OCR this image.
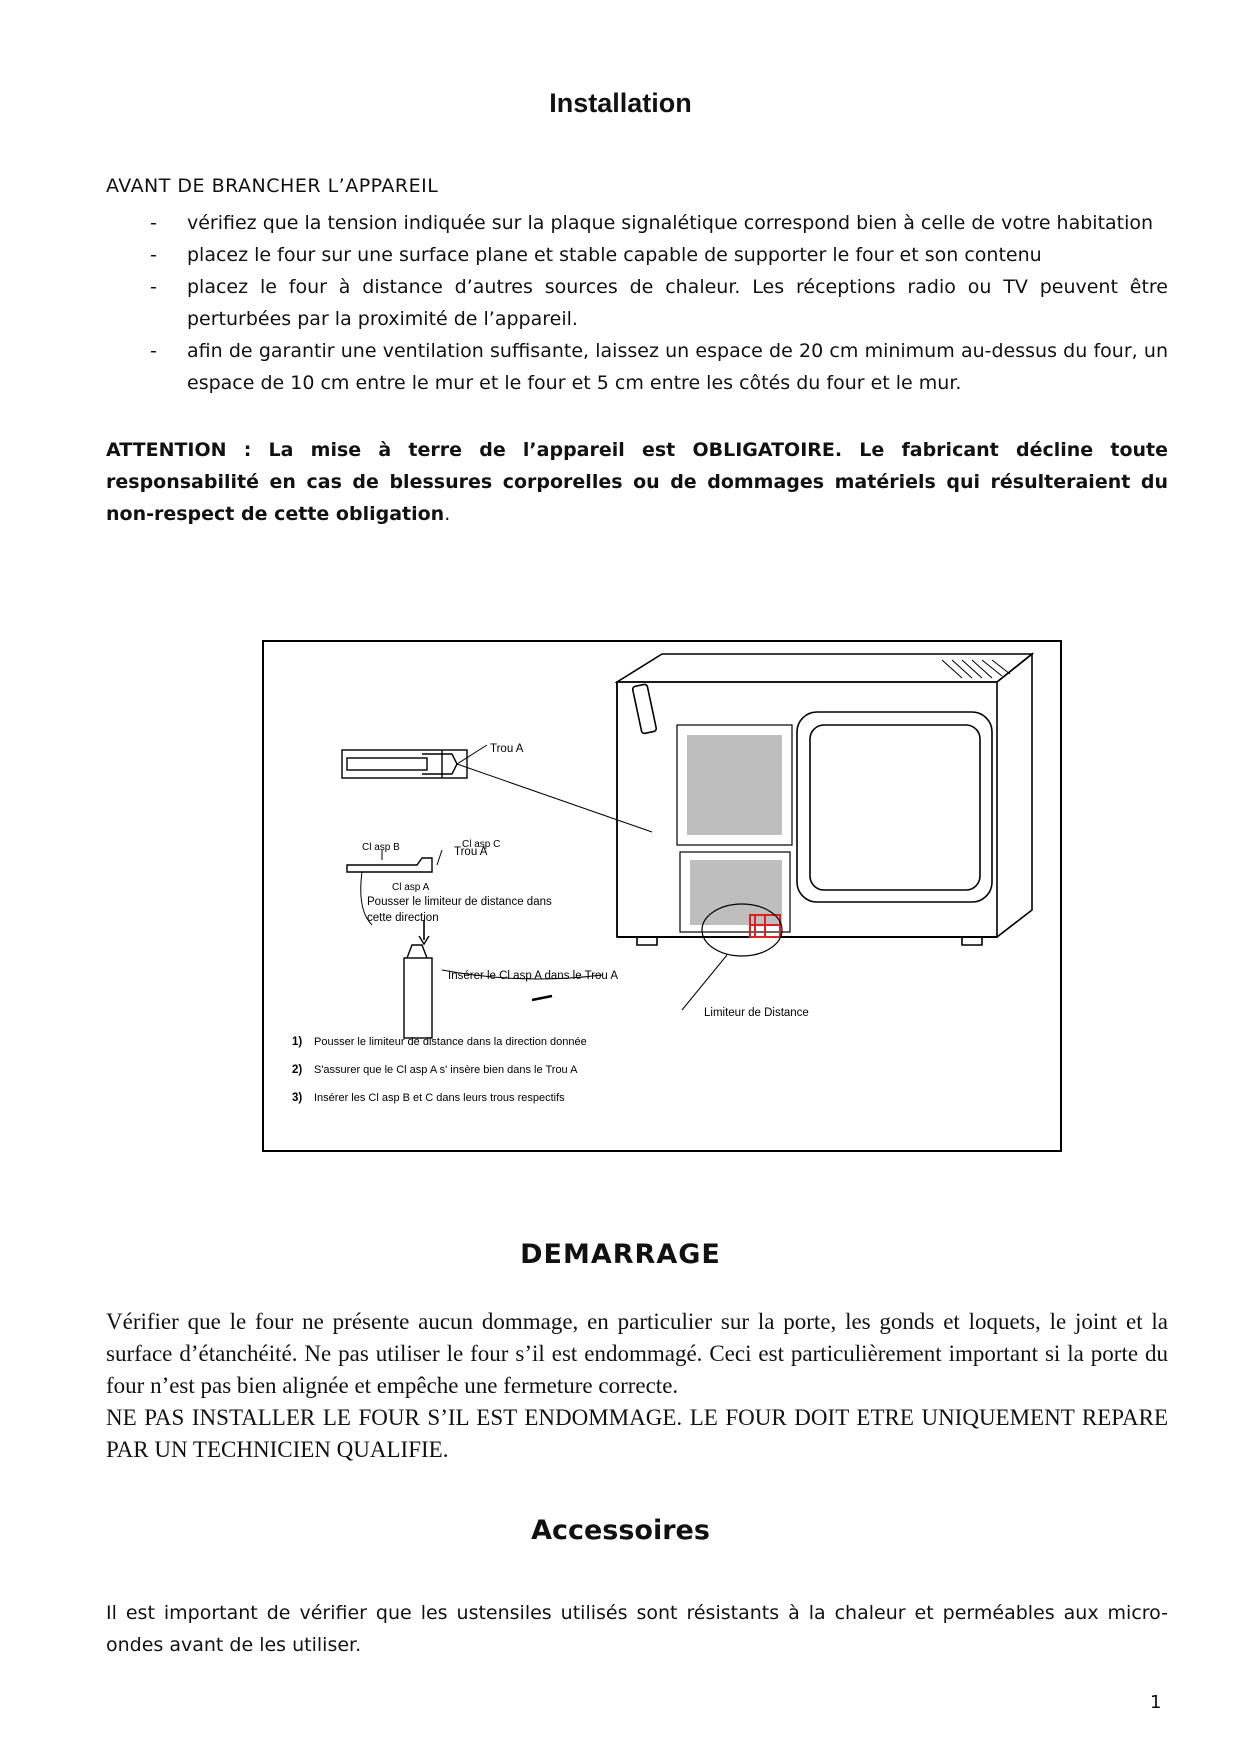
Installation
AVANT DE BRANCHER L’APPAREIL
- vérifiez que la tension indiquée sur la plaque signalétique correspond bien à celle de votre habitation
- placez le four sur une surface plane et stable capable de supporter le four et son contenu
- placez le four à distance d’autres sources de chaleur. Les réceptions radio ou TV peuvent être perturbées par la proximité de l’appareil.
- afin de garantir une ventilation suffisante, laissez un espace de 20 cm minimum au-dessus du four, un espace de 10 cm entre le mur et le four et 5 cm entre les côtés du four et le mur.
ATTENTION : La mise à terre de l’appareil est OBLIGATOIRE. Le fabricant décline toute responsabilité en cas de blessures corporelles ou de dommages matériels qui résulteraient du non-respect de cette obligation.
Trou A
Cl asp B	Cl asp C
Trou A
Cl asp A
Pousser le limiteur de distance dans
cette direction
Insérer le Cl asp A dans le Trou A
Limiteur de Distance
1) Pousser le limiteur de distance dans la direction donnée
2) S'assurer que le Cl asp A s' insère bien dans le Trou A
3) Insérer les Cl asp B et C dans leurs trous respectifs
DEMARRAGE

Vérifier que le four ne présente aucun dommage, en particulier sur la porte, les gonds et loquets, le joint et la surface d’étanchéité. Ne pas utiliser le four s’il est endommagé. Ceci est particulièrement important si la porte du four n’est pas bien alignée et empêche une fermeture correcte.

NE PAS INSTALLER LE FOUR S’IL EST ENDOMMAGE. LE FOUR DOIT ETRE UNIQUEMENT REPARE PAR UN TECHNICIEN QUALIFIE.

Accessoires
Il est important de vérifier que les ustensiles utilisés sont résistants à la chaleur et perméables aux micro-ondes avant de les utiliser.
1
